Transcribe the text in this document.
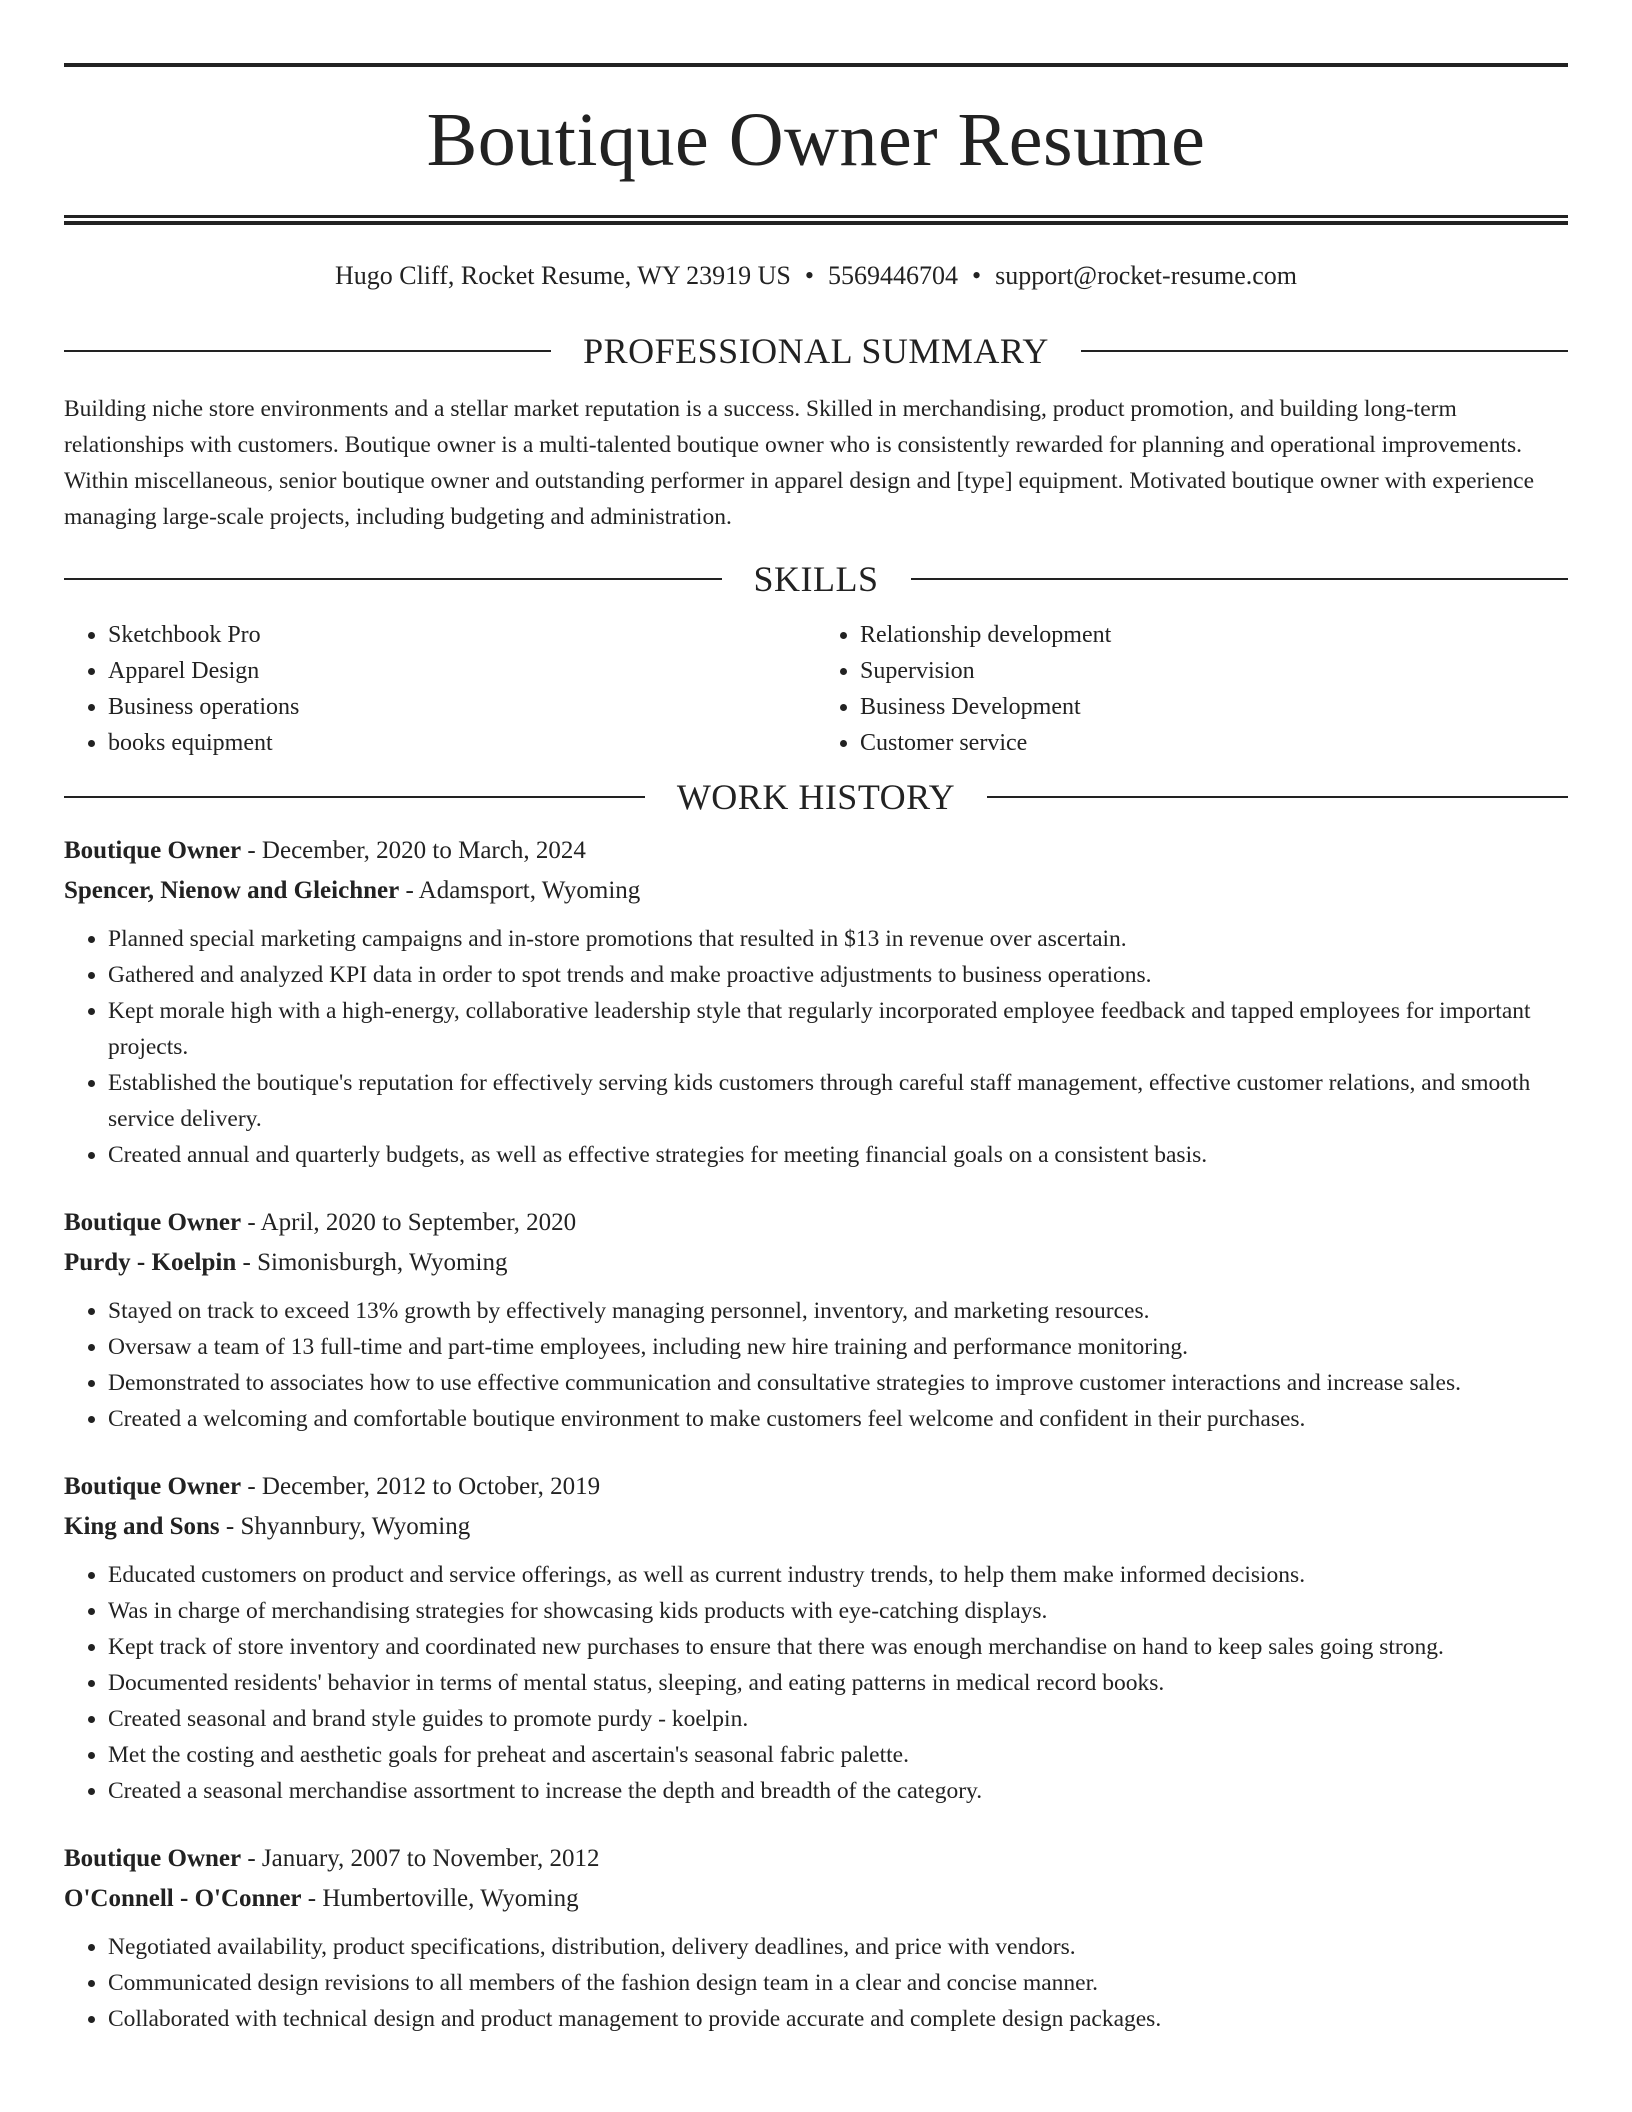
Boutique Owner Resume
Hugo Cliff, Rocket Resume, WY 23919 US • 5569446704 • support@rocket-resume.com
PROFESSIONAL SUMMARY

Building niche store environments and a stellar market reputation is a success. Skilled in merchandising, product promotion, and building long-term relationships with customers. Boutique owner is a multi-talented boutique owner who is consistently rewarded for planning and operational improvements. Within miscellaneous, senior boutique owner and outstanding performer in apparel design and [type] equipment. Motivated boutique owner with experience managing large-scale projects, including budgeting and administration.

SKILLS
• Sketchbook Pro
• Apparel Design
• Business operations
• books equipment
• Relationship development
• Supervision
• Business Development
• Customer service
WORK HISTORY
Boutique Owner - December, 2020 to March, 2024
Spencer, Nienow and Gleichner - Adamsport, Wyoming
• Planned special marketing campaigns and in-store promotions that resulted in $13 in revenue over ascertain.
• Gathered and analyzed KPI data in order to spot trends and make proactive adjustments to business operations.
• Kept morale high with a high-energy, collaborative leadership style that regularly incorporated employee feedback and tapped employees for important projects.
• Established the boutique's reputation for effectively serving kids customers through careful staff management, effective customer relations, and smooth service delivery.
• Created annual and quarterly budgets, as well as effective strategies for meeting financial goals on a consistent basis.
Boutique Owner - April, 2020 to September, 2020
Purdy - Koelpin - Simonisburgh, Wyoming
• Stayed on track to exceed 13% growth by effectively managing personnel, inventory, and marketing resources.
• Oversaw a team of 13 full-time and part-time employees, including new hire training and performance monitoring.
• Demonstrated to associates how to use effective communication and consultative strategies to improve customer interactions and increase sales.
• Created a welcoming and comfortable boutique environment to make customers feel welcome and confident in their purchases.
Boutique Owner - December, 2012 to October, 2019
King and Sons - Shyannbury, Wyoming
• Educated customers on product and service offerings, as well as current industry trends, to help them make informed decisions.
• Was in charge of merchandising strategies for showcasing kids products with eye-catching displays.
• Kept track of store inventory and coordinated new purchases to ensure that there was enough merchandise on hand to keep sales going strong.
• Documented residents' behavior in terms of mental status, sleeping, and eating patterns in medical record books.
• Created seasonal and brand style guides to promote purdy - koelpin.
• Met the costing and aesthetic goals for preheat and ascertain's seasonal fabric palette.
• Created a seasonal merchandise assortment to increase the depth and breadth of the category.
Boutique Owner - January, 2007 to November, 2012
O'Connell - O'Conner - Humbertoville, Wyoming
• Negotiated availability, product specifications, distribution, delivery deadlines, and price with vendors.
• Communicated design revisions to all members of the fashion design team in a clear and concise manner.
• Collaborated with technical design and product management to provide accurate and complete design packages.
